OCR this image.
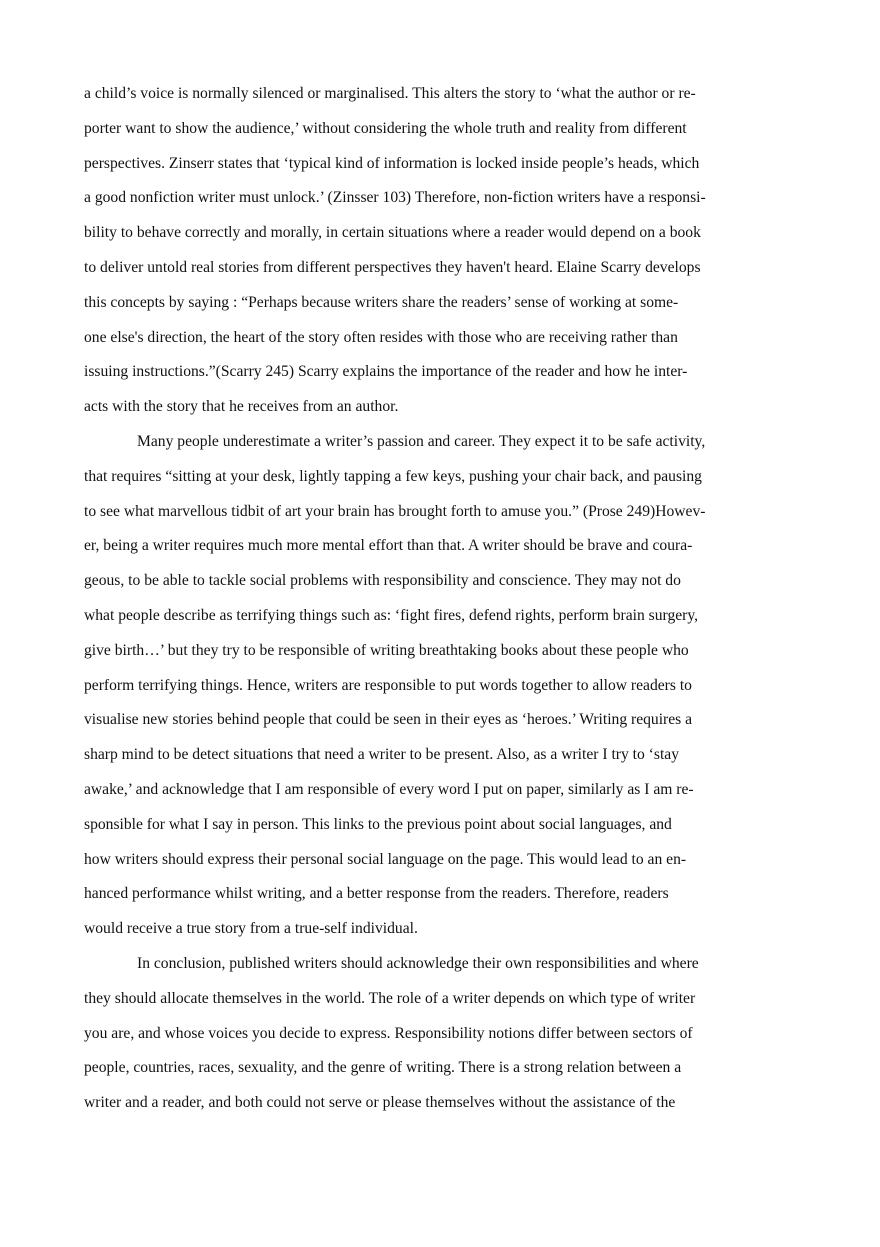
a child’s voice is normally silenced or marginalised. This alters the story to ‘what the author or re-
porter want to show the audience,’ without considering the whole truth and reality from different
perspectives. Zinserr states that ‘typical kind of information is locked inside people’s heads, which
a good nonfiction writer must unlock.’ (Zinsser 103) Therefore, non-fiction writers have a responsi-
bility to behave correctly and morally, in certain situations where a reader would depend on a book
to deliver untold real stories from different perspectives they haven't heard. Elaine Scarry develops
this concepts by saying : “Perhaps because writers share the readers’ sense of working at some-
one else's direction, the heart of the story often resides with those who are receiving rather than
issuing instructions.”(Scarry 245) Scarry explains the importance of the reader and how he inter-
acts with the story that he receives from an author.
Many people underestimate a writer’s passion and career. They expect it to be safe activity,
that requires “sitting at your desk, lightly tapping a few keys, pushing your chair back, and pausing
to see what marvellous tidbit of art your brain has brought forth to amuse you.” (Prose 249)Howev-
er, being a writer requires much more mental effort than that. A writer should be brave and coura-
geous, to be able to tackle social problems with responsibility and conscience. They may not do
what people describe as terrifying things such as: ‘fight fires, defend rights, perform brain surgery,
give birth…’ but they try to be responsible of writing breathtaking books about these people who
perform terrifying things. Hence, writers are responsible to put words together to allow readers to
visualise new stories behind people that could be seen in their eyes as ‘heroes.’ Writing requires a
sharp mind to be detect situations that need a writer to be present. Also, as a writer I try to ‘stay
awake,’ and acknowledge that I am responsible of every word I put on paper, similarly as I am re-
sponsible for what I say in person. This links to the previous point about social languages, and
how writers should express their personal social language on the page. This would lead to an en-
hanced performance whilst writing, and a better response from the readers. Therefore, readers
would receive a true story from a true-self individual.
In conclusion, published writers should acknowledge their own responsibilities and where
they should allocate themselves in the world. The role of a writer depends on which type of writer
you are, and whose voices you decide to express. Responsibility notions differ between sectors of
people, countries, races, sexuality, and the genre of writing. There is a strong relation between a
writer and a reader, and both could not serve or please themselves without the assistance of the
